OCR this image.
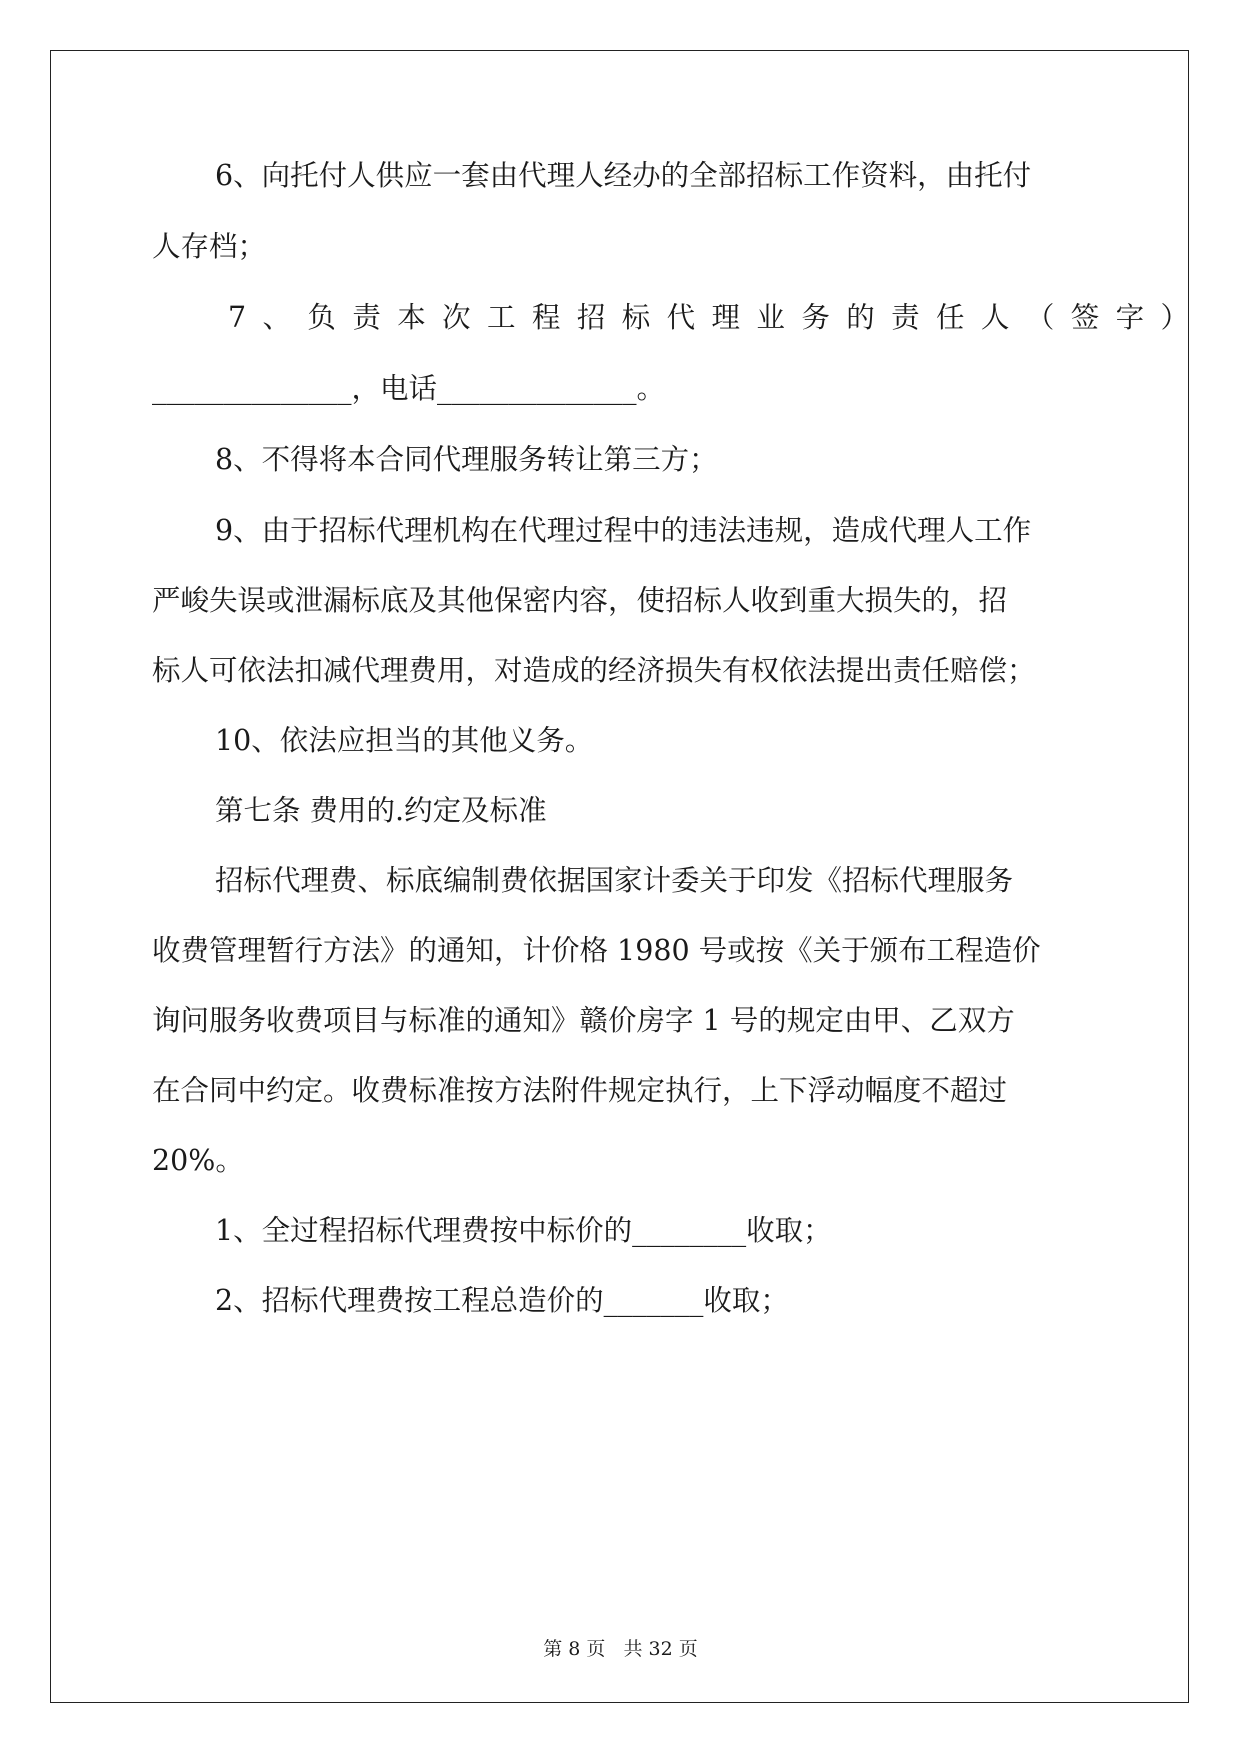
6、向托付人供应一套由代理人经办的全部招标工作资料，由托付

人存档；

7、负责本次工程招标代理业务的责任人（签字）

______________，电话______________。

8、不得将本合同代理服务转让第三方；

9、由于招标代理机构在代理过程中的违法违规，造成代理人工作

严峻失误或泄漏标底及其他保密内容，使招标人收到重大损失的，招

标人可依法扣减代理费用，对造成的经济损失有权依法提出责任赔偿；

10、依法应担当的其他义务。

第七条 费用的.约定及标准

招标代理费、标底编制费依据国家计委关于印发《招标代理服务

收费管理暂行方法》的通知，计价格 1980 号或按《关于颁布工程造价

询问服务收费项目与标准的通知》赣价房字 1 号的规定由甲、乙双方

在合同中约定。收费标准按方法附件规定执行，上下浮动幅度不超过

20%。

1、全过程招标代理费按中标价的________收取；

2、招标代理费按工程总造价的_______收取；

第 8 页 共 32 页
